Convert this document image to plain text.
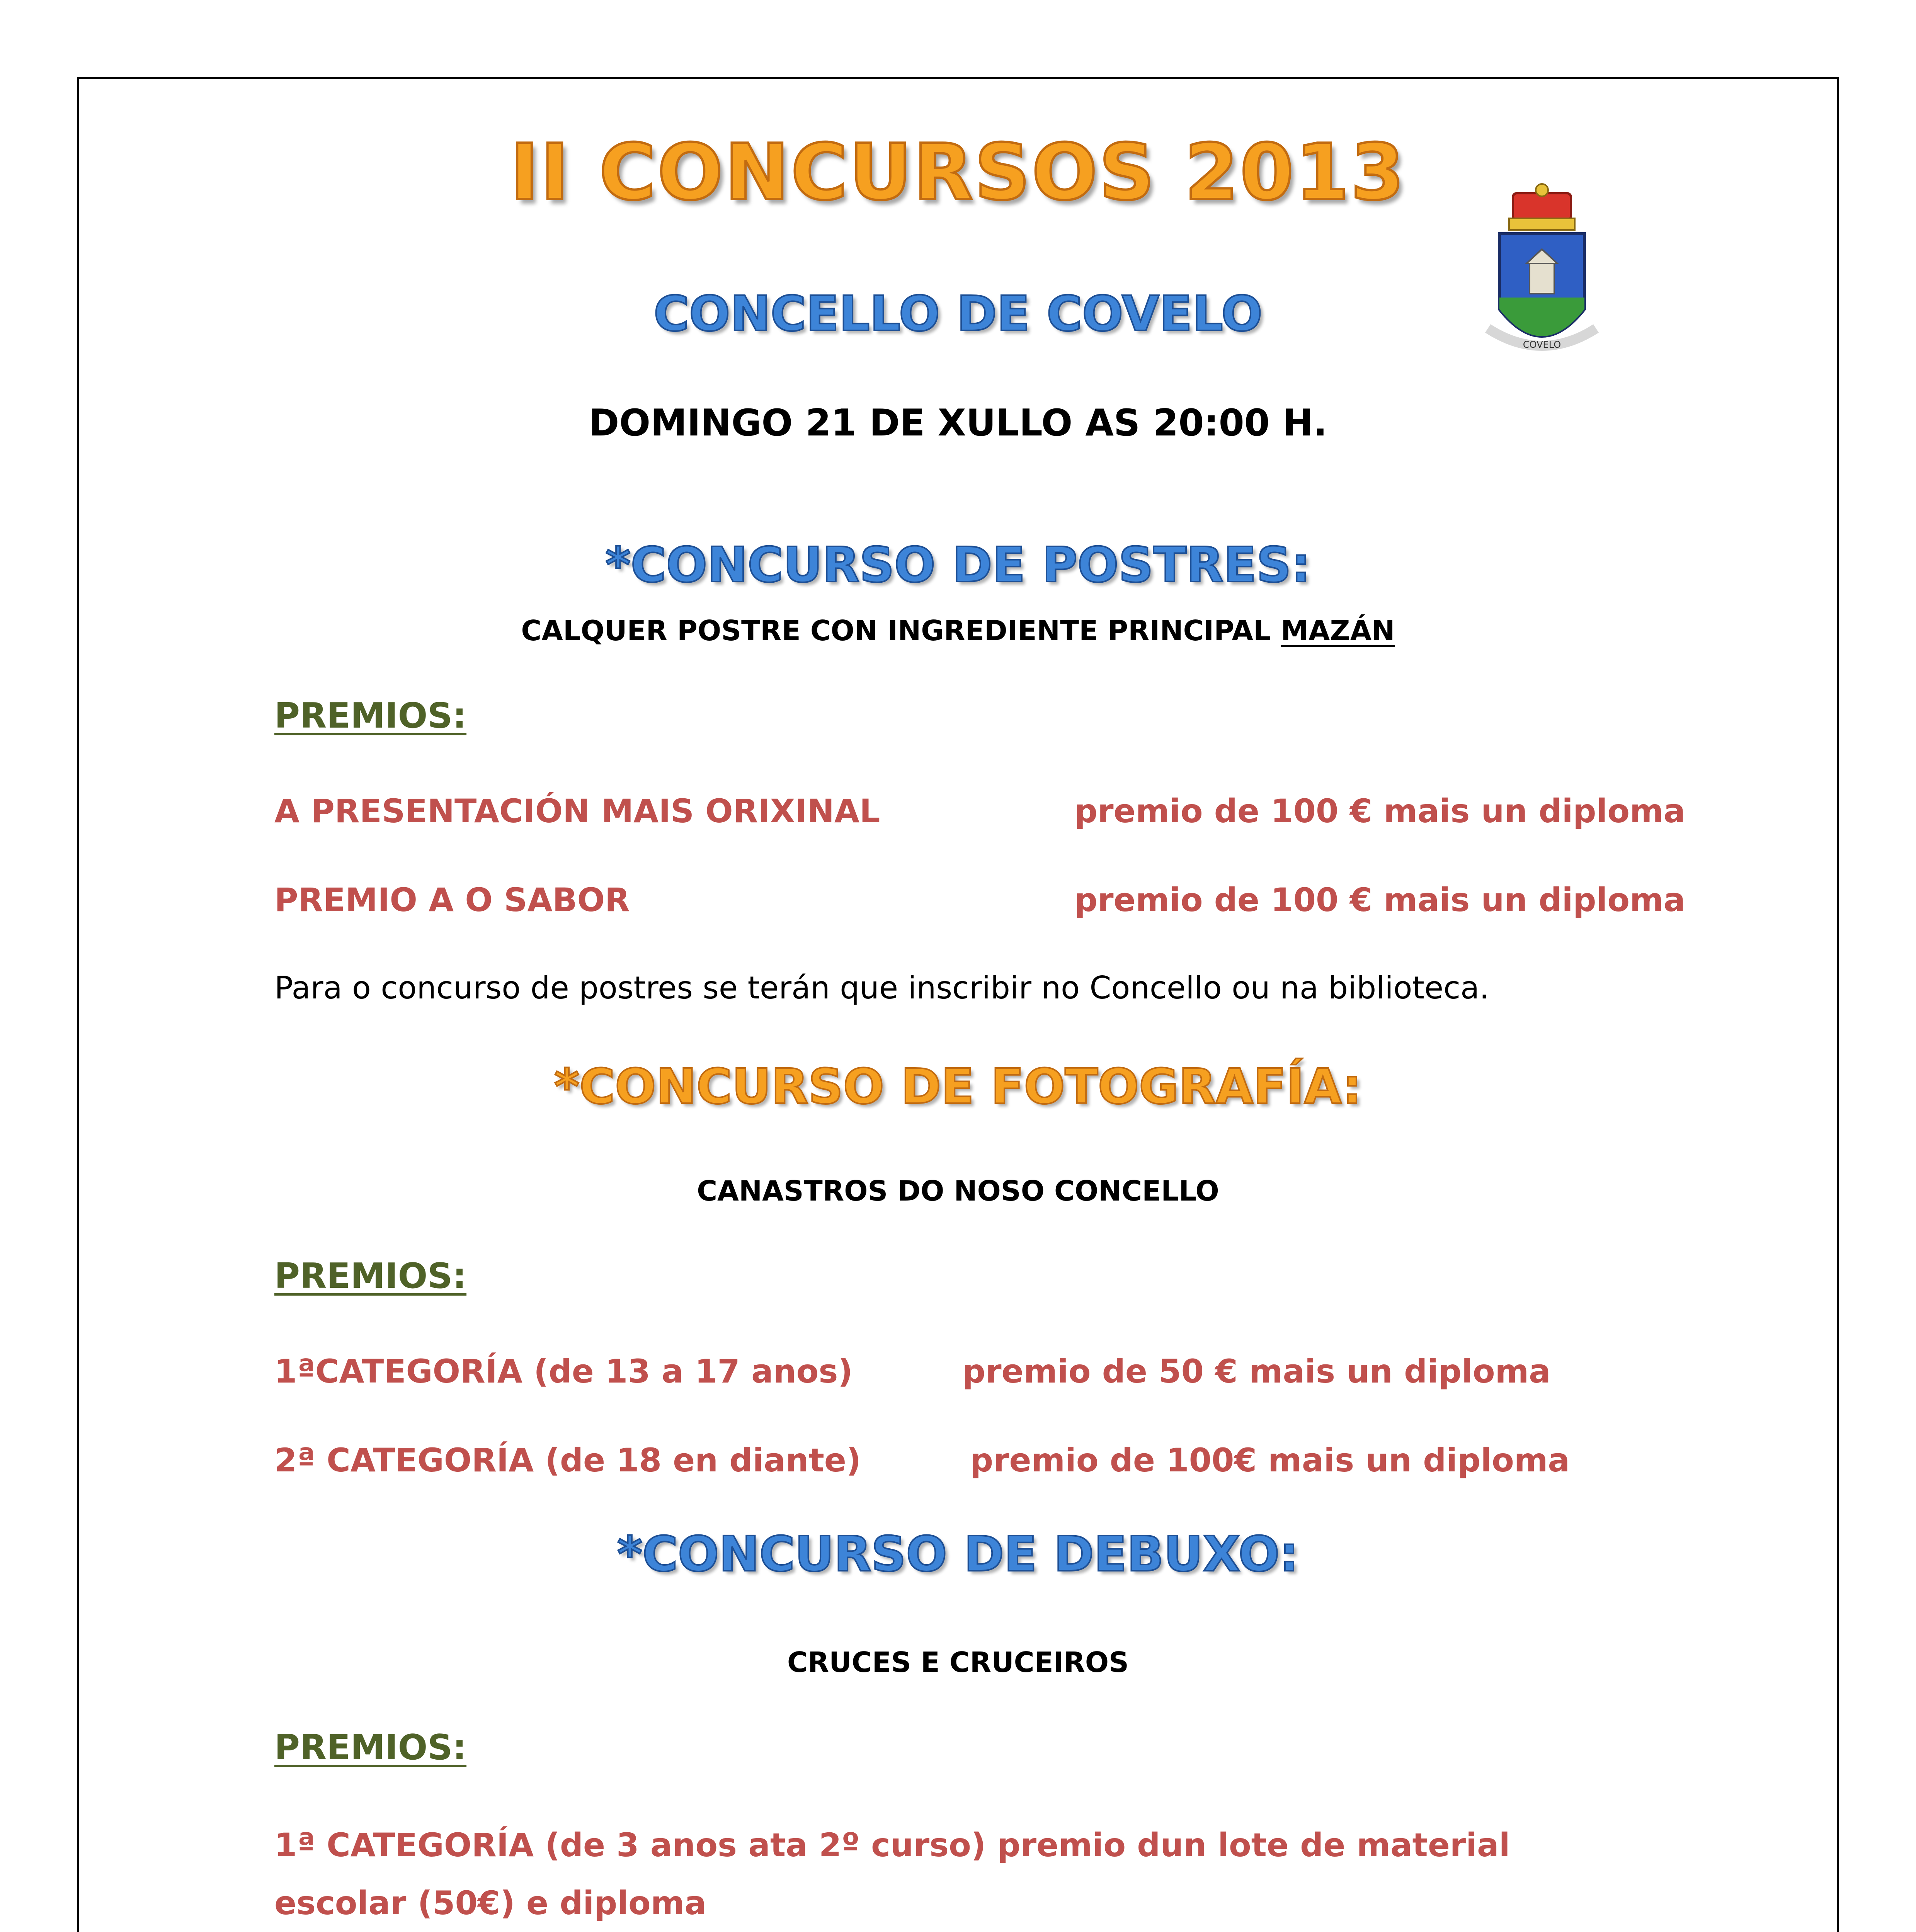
COVELO
II CONCURSOS 2013
CONCELLO DE COVELO
DOMINGO 21 DE XULLO AS 20:00 H.
*CONCURSO DE POSTRES:
CALQUER POSTRE CON INGREDIENTE PRINCIPAL MAZÁN
PREMIOS:
A PRESENTACIÓN MAIS ORIXINAL	premio de 100 € mais un diploma
PREMIO A O SABOR	premio de 100 € mais un diploma
Para o concurso de postres se terán que inscribir no Concello ou na biblioteca.
*CONCURSO DE FOTOGRAFÍA:
CANASTROS DO NOSO CONCELLO
PREMIOS:
1ªCATEGORÍA (de 13 a 17 anos)	premio de 50 € mais un diploma
2ª CATEGORÍA (de 18 en diante)	premio de 100€ mais un diploma
*CONCURSO DE DEBUXO:
CRUCES E CRUCEIROS
PREMIOS:
1ª CATEGORÍA (de 3 anos ata 2º curso) premio dun lote de material escolar (50€) e diploma
